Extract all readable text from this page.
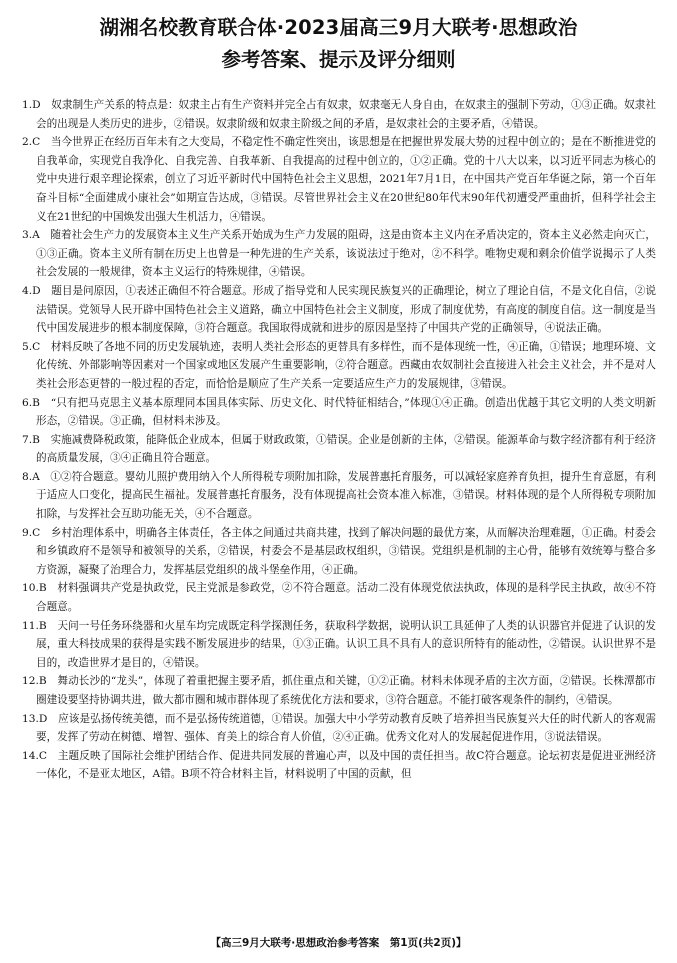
湖湘名校教育联合体·2023届高三9月大联考·思想政治
参考答案、提示及评分细则

1.D　奴隶制生产关系的特点是：奴隶主占有生产资料并完全占有奴隶，奴隶毫无人身自由，在奴隶主的强制下劳动，①③正确。奴隶社会的出现是人类历史的进步，②错误。奴隶阶级和奴隶主阶级之间的矛盾，是奴隶社会的主要矛盾，④错误。

2.C　当今世界正在经历百年未有之大变局，不稳定性不确定性突出，该思想是在把握世界发展大势的过程中创立的；是在不断推进党的自我革命，实现党自我净化、自我完善、自我革新、自我提高的过程中创立的，①②正确。党的十八大以来，以习近平同志为核心的党中央进行艰辛理论探索，创立了习近平新时代中国特色社会主义思想，2021年7月1日，在中国共产党百年华诞之际，第一个百年奋斗目标“全面建成小康社会”如期宣告达成，③错误。尽管世界社会主义在20世纪80年代末90年代初遭受严重曲折，但科学社会主义在21世纪的中国焕发出强大生机活力，④错误。

3.A　随着社会生产力的发展资本主义生产关系开始成为生产力发展的阻碍，这是由资本主义内在矛盾决定的，资本主义必然走向灭亡，①③正确。资本主义所有制在历史上也曾是一种先进的生产关系，该说法过于绝对，②不科学。唯物史观和剩余价值学说揭示了人类社会发展的一般规律，资本主义运行的特殊规律，④错误。

4.D　题目是问原因，①表述正确但不符合题意。形成了指导党和人民实现民族复兴的正确理论，树立了理论自信，不是文化自信，②说法错误。党领导人民开辟中国特色社会主义道路，确立中国特色社会主义制度，形成了制度优势，有高度的制度自信。这一制度是当代中国发展进步的根本制度保障，③符合题意。我国取得成就和进步的原因是坚持了中国共产党的正确领导，④说法正确。

5.C　材料反映了各地不同的历史发展轨迹，表明人类社会形态的更替具有多样性，而不是体现统一性，④正确，①错误；地理环境、文化传统、外部影响等因素对一个国家或地区发展产生重要影响，②符合题意。西藏由农奴制社会直接进入社会主义社会，并不是对人类社会形态更替的一般过程的否定，而恰恰是顺应了生产关系一定要适应生产力的发展规律，③错误。

6.B　“只有把马克思主义基本原理同本国具体实际、历史文化、时代特征相结合，”体现①④正确。创造出优越于其它文明的人类文明新形态，②错误。③正确，但材料未涉及。

7.B　实施减费降税政策，能降低企业成本，但属于财政政策，①错误。企业是创新的主体，②错误。能源革命与数字经济都有利于经济的高质量发展，③④正确且符合题意。

8.A　①②符合题意。婴幼儿照护费用纳入个人所得税专项附加扣除，发展普惠托育服务，可以减轻家庭养育负担，提升生育意愿，有利于适应人口变化，提高民生福祉。发展普惠托育服务，没有体现提高社会资本准入标准，③错误。材料体现的是个人所得税专项附加扣除，与发挥社会互助功能无关，④不合题意。

9.C　乡村治理体系中，明确各主体责任，各主体之间通过共商共建，找到了解决问题的最优方案，从而解决治理难题，①正确。村委会和乡镇政府不是领导和被领导的关系，②错误，村委会不是基层政权组织，③错误。党组织是机制的主心骨，能够有效统筹与整合多方资源，凝聚了治理合力，发挥基层党组织的战斗堡垒作用，④正确。

10.B　材料强调共产党是执政党，民主党派是参政党，②不符合题意。活动二没有体现党依法执政，体现的是科学民主执政，故④不符合题意。

11.B　天问一号任务环绕器和火星车均完成既定科学探测任务，获取科学数据，说明认识工具延伸了人类的认识器官并促进了认识的发展，重大科技成果的获得是实践不断发展进步的结果，①③正确。认识工具不具有人的意识所特有的能动性，②错误。认识世界不是目的，改造世界才是目的，④错误。

12.B　舞动长沙的“龙头”，体现了着重把握主要矛盾，抓住重点和关键，①②正确。材料未体现矛盾的主次方面，②错误。长株潭都市圈建设要坚持协调共进，做大都市圈和城市群体现了系统优化方法和要求，③符合题意。不能打破客观条件的制约，④错误。

13.D　应该是弘扬传统美德，而不是弘扬传统道德，①错误。加强大中小学劳动教育反映了培养担当民族复兴大任的时代新人的客观需要，发挥了劳动在树德、增智、强体、育美上的综合育人价值，②④正确。优秀文化对人的发展起促进作用，③说法错误。

14.C　主题反映了国际社会维护团结合作、促进共同发展的普遍心声，以及中国的责任担当。故C符合题意。论坛初衷是促进亚洲经济一体化，不是亚太地区，A错。B项不符合材料主旨，材料说明了中国的贡献，但

【高三9月大联考·思想政治参考答案　第1页(共2页)】
